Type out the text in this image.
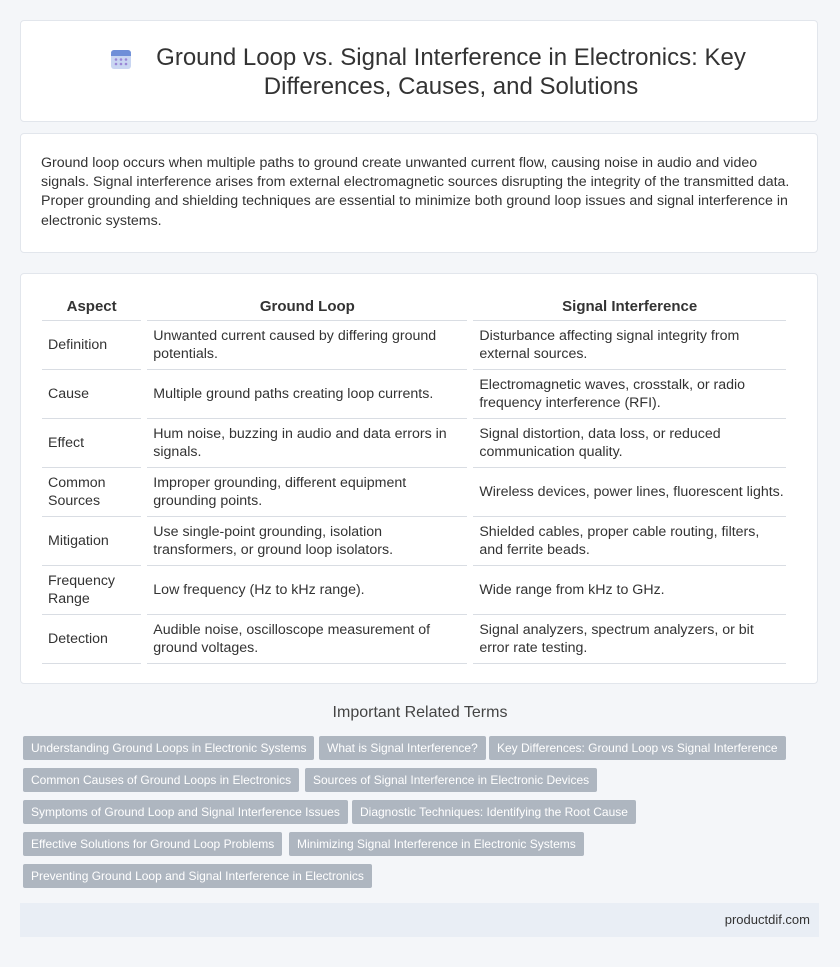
Ground Loop vs. Signal Interference in Electronics: Key Differences, Causes, and Solutions

Ground loop occurs when multiple paths to ground create unwanted current flow, causing noise in audio and video signals. Signal interference arises from external electromagnetic sources disrupting the integrity of the transmitted data. Proper grounding and shielding techniques are essential to minimize both ground loop issues and signal interference in electronic systems.

Aspect	Ground Loop	Signal Interference
Definition	Unwanted current caused by differing ground potentials.	Disturbance affecting signal integrity from external sources.
Cause	Multiple ground paths creating loop currents.	Electromagnetic waves, crosstalk, or radio frequency interference (RFI).
Effect	Hum noise, buzzing in audio and data errors in signals.	Signal distortion, data loss, or reduced communication quality.
Common Sources	Improper grounding, different equipment grounding points.	Wireless devices, power lines, fluorescent lights.
Mitigation	Use single-point grounding, isolation transformers, or ground loop isolators.	Shielded cables, proper cable routing, filters, and ferrite beads.
Frequency Range	Low frequency (Hz to kHz range).	Wide range from kHz to GHz.
Detection	Audible noise, oscilloscope measurement of ground voltages.	Signal analyzers, spectrum analyzers, or bit error rate testing.
Important Related Terms
Understanding Ground Loops in Electronic Systems	What is Signal Interference?	Key Differences: Ground Loop vs Signal Interference
Common Causes of Ground Loops in Electronics	Sources of Signal Interference in Electronic Devices
Symptoms of Ground Loop and Signal Interference Issues	Diagnostic Techniques: Identifying the Root Cause
Effective Solutions for Ground Loop Problems	Minimizing Signal Interference in Electronic Systems
Preventing Ground Loop and Signal Interference in Electronics
productdif.com
